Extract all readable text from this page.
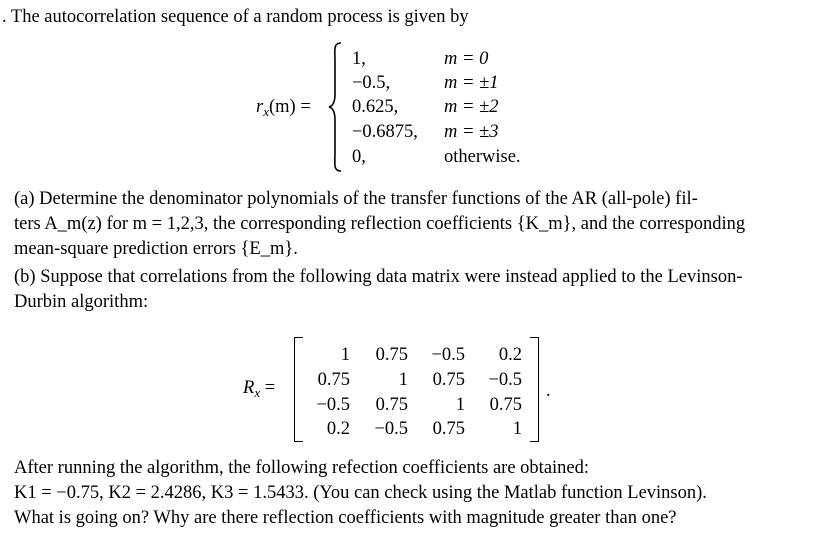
. The autocorrelation sequence of a random process is given by
$r_x(m)$ =
1,	m = 0
−0.5,	m = ±1
0.625, m = ±2
−0.6875, m = ±3
0,	otherwise.
(a) Determine the denominator polynomials of the transfer functions of the AR (all-pole) fil-
ters A_m(z) for m = 1,2,3, the corresponding reflection coefficients {K_m}, and the corresponding
mean-square prediction errors {E_m}.
(b) Suppose that correlations from the following data matrix were instead applied to the Levinson-
Durbin algorithm:
$R_x$ =
1	0.75	−0.5	0.2
0.75	1	0.75	−0.5
−0.5	0.75	1	0.75
0.2	−0.5	0.75	1
.
After running the algorithm, the following refection coefficients are obtained:
K1 = −0.75, K2 = 2.4286, K3 = 1.5433. (You can check using the Matlab function Levinson).
What is going on? Why are there reflection coefficients with magnitude greater than one?
